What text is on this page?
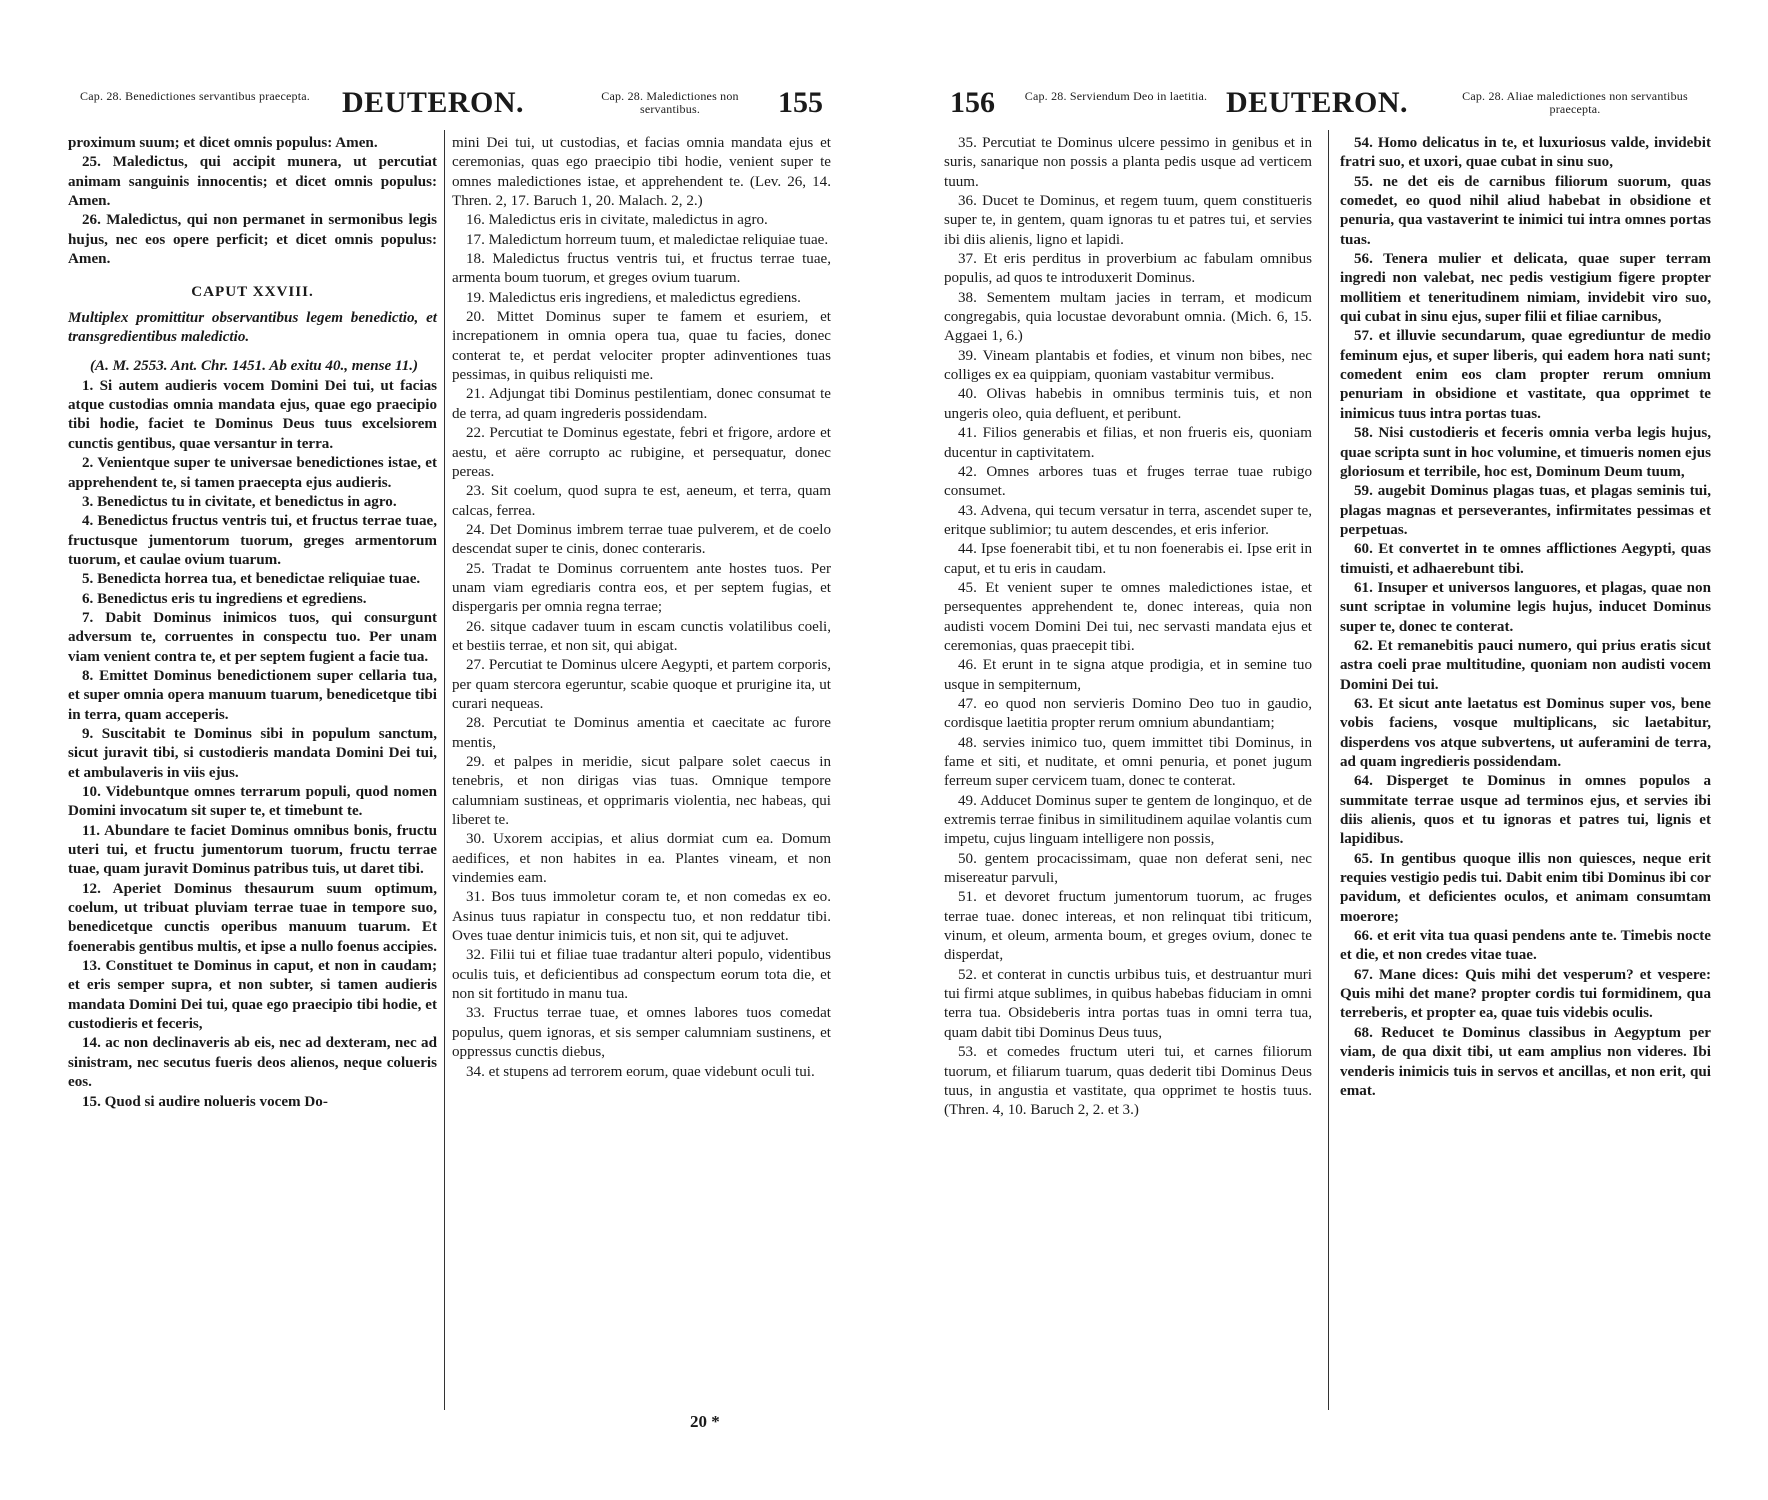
Cap. 28. Benedictiones servantibus praecepta. DEUTERON.	Cap. 28. Maledictiones non servantibus.	155

proximum suum; et dicet omnis populus: Amen.

25. Maledictus, qui accipit munera, ut percutiat animam sanguinis innocentis; et dicet omnis populus: Amen.

26. Maledictus, qui non permanet in sermonibus legis hujus, nec eos opere perficit; et dicet omnis populus: Amen.

CAPUT XXVIII.

Multiplex promittitur observantibus legem benedictio, et transgredientibus maledictio.

(A. M. 2553. Ant. Chr. 1451. Ab exitu 40., mense 11.)

1. Si autem audieris vocem Domini Dei tui, ut facias atque custodias omnia mandata ejus, quae ego praecipio tibi hodie, faciet te Dominus Deus tuus excelsiorem cunctis gentibus, quae versantur in terra.

2. Venientque super te universae benedictiones istae, et apprehendent te, si tamen praecepta ejus audieris.

3. Benedictus tu in civitate, et benedictus in agro.

4. Benedictus fructus ventris tui, et fructus terrae tuae, fructusque jumentorum tuorum, greges armentorum tuorum, et caulae ovium tuarum.

5. Benedicta horrea tua, et benedictae reliquiae tuae.

6. Benedictus eris tu ingrediens et egrediens.

7. Dabit Dominus inimicos tuos, qui consurgunt adversum te, corruentes in conspectu tuo. Per unam viam venient contra te, et per septem fugient a facie tua.

8. Emittet Dominus benedictionem super cellaria tua, et super omnia opera manuum tuarum, benedicetque tibi in terra, quam acceperis.

9. Suscitabit te Dominus sibi in populum sanctum, sicut juravit tibi, si custodieris mandata Domini Dei tui, et ambulaveris in viis ejus.

10. Videbuntque omnes terrarum populi, quod nomen Domini invocatum sit super te, et timebunt te.

11. Abundare te faciet Dominus omnibus bonis, fructu uteri tui, et fructu jumentorum tuorum, fructu terrae tuae, quam juravit Dominus patribus tuis, ut daret tibi.

12. Aperiet Dominus thesaurum suum optimum, coelum, ut tribuat pluviam terrae tuae in tempore suo, benedicetque cunctis operibus manuum tuarum. Et foenerabis gentibus multis, et ipse a nullo foenus accipies.

13. Constituet te Dominus in caput, et non in caudam; et eris semper supra, et non subter, si tamen audieris mandata Domini Dei tui, quae ego praecipio tibi hodie, et custodieris et feceris,

14. ac non declinaveris ab eis, nec ad dexteram, nec ad sinistram, nec secutus fueris deos alienos, neque colueris eos.

15. Quod si audire nolueris vocem Do-

mini Dei tui, ut custodias, et facias omnia mandata ejus et ceremonias, quas ego praecipio tibi hodie, venient super te omnes maledictiones istae, et apprehendent te. (Lev. 26, 14. Thren. 2, 17. Baruch 1, 20. Malach. 2, 2.)

16. Maledictus eris in civitate, maledictus in agro.

17. Maledictum horreum tuum, et maledictae reliquiae tuae.

18. Maledictus fructus ventris tui, et fructus terrae tuae, armenta boum tuorum, et greges ovium tuarum.

19. Maledictus eris ingrediens, et maledictus egrediens.

20. Mittet Dominus super te famem et esuriem, et increpationem in omnia opera tua, quae tu facies, donec conterat te, et perdat velociter propter adinventiones tuas pessimas, in quibus reliquisti me.

21. Adjungat tibi Dominus pestilentiam, donec consumat te de terra, ad quam ingrederis possidendam.

22. Percutiat te Dominus egestate, febri et frigore, ardore et aestu, et aëre corrupto ac rubigine, et persequatur, donec pereas.

23. Sit coelum, quod supra te est, aeneum, et terra, quam calcas, ferrea.

24. Det Dominus imbrem terrae tuae pulverem, et de coelo descendat super te cinis, donec conteraris.

25. Tradat te Dominus corruentem ante hostes tuos. Per unam viam egrediaris contra eos, et per septem fugias, et dispergaris per omnia regna terrae;

26. sitque cadaver tuum in escam cunctis volatilibus coeli, et bestiis terrae, et non sit, qui abigat.

27. Percutiat te Dominus ulcere Aegypti, et partem corporis, per quam stercora egeruntur, scabie quoque et prurigine ita, ut curari nequeas.

28. Percutiat te Dominus amentia et caecitate ac furore mentis,

29. et palpes in meridie, sicut palpare solet caecus in tenebris, et non dirigas vias tuas. Omnique tempore calumniam sustineas, et opprimaris violentia, nec habeas, qui liberet te.

30. Uxorem accipias, et alius dormiat cum ea. Domum aedifices, et non habites in ea. Plantes vineam, et non vindemies eam.

31. Bos tuus immoletur coram te, et non comedas ex eo. Asinus tuus rapiatur in conspectu tuo, et non reddatur tibi. Oves tuae dentur inimicis tuis, et non sit, qui te adjuvet.

32. Filii tui et filiae tuae tradantur alteri populo, videntibus oculis tuis, et deficientibus ad conspectum eorum tota die, et non sit fortitudo in manu tua.

33. Fructus terrae tuae, et omnes labores tuos comedat populus, quem ignoras, et sis semper calumniam sustinens, et oppressus cunctis diebus,

34. et stupens ad terrorem eorum, quae videbunt oculi tui.

20 *
156	Cap. 28. Serviendum Deo in laetitia. DEUTERON.	Cap. 28. Aliae maledictiones non servantibus praecepta.

35. Percutiat te Dominus ulcere pessimo in genibus et in suris, sanarique non possis a planta pedis usque ad verticem tuum.

36. Ducet te Dominus, et regem tuum, quem constitueris super te, in gentem, quam ignoras tu et patres tui, et servies ibi diis alienis, ligno et lapidi.

37. Et eris perditus in proverbium ac fabulam omnibus populis, ad quos te introduxerit Dominus.

38. Sementem multam jacies in terram, et modicum congregabis, quia locustae devorabunt omnia. (Mich. 6, 15. Aggaei 1, 6.)

39. Vineam plantabis et fodies, et vinum non bibes, nec colliges ex ea quippiam, quoniam vastabitur vermibus.

40. Olivas habebis in omnibus terminis tuis, et non ungeris oleo, quia defluent, et peribunt.

41. Filios generabis et filias, et non frueris eis, quoniam ducentur in captivitatem.

42. Omnes arbores tuas et fruges terrae tuae rubigo consumet.

43. Advena, qui tecum versatur in terra, ascendet super te, eritque sublimior; tu autem descendes, et eris inferior.

44. Ipse foenerabit tibi, et tu non foenerabis ei. Ipse erit in caput, et tu eris in caudam.

45. Et venient super te omnes maledictiones istae, et persequentes apprehendent te, donec intereas, quia non audisti vocem Domini Dei tui, nec servasti mandata ejus et ceremonias, quas praecepit tibi.

46. Et erunt in te signa atque prodigia, et in semine tuo usque in sempiternum,

47. eo quod non servieris Domino Deo tuo in gaudio, cordisque laetitia propter rerum omnium abundantiam;

48. servies inimico tuo, quem immittet tibi Dominus, in fame et siti, et nuditate, et omni penuria, et ponet jugum ferreum super cervicem tuam, donec te conterat.

49. Adducet Dominus super te gentem de longinquo, et de extremis terrae finibus in similitudinem aquilae volantis cum impetu, cujus linguam intelligere non possis,

50. gentem procacissimam, quae non deferat seni, nec misereatur parvuli,

51. et devoret fructum jumentorum tuorum, ac fruges terrae tuae. donec intereas, et non relinquat tibi triticum, vinum, et oleum, armenta boum, et greges ovium, donec te disperdat,

52. et conterat in cunctis urbibus tuis, et destruantur muri tui firmi atque sublimes, in quibus habebas fiduciam in omni terra tua. Obsideberis intra portas tuas in omni terra tua, quam dabit tibi Dominus Deus tuus,

53. et comedes fructum uteri tui, et carnes filiorum tuorum, et filiarum tuarum, quas dederit tibi Dominus Deus tuus, in angustia et vastitate, qua opprimet te hostis tuus. (Thren. 4, 10. Baruch 2, 2. et 3.)

54. Homo delicatus in te, et luxuriosus valde, invidebit fratri suo, et uxori, quae cubat in sinu suo,

55. ne det eis de carnibus filiorum suorum, quas comedet, eo quod nihil aliud habebat in obsidione et penuria, qua vastaverint te inimici tui intra omnes portas tuas.

56. Tenera mulier et delicata, quae super terram ingredi non valebat, nec pedis vestigium figere propter mollitiem et teneritudinem nimiam, invidebit viro suo, qui cubat in sinu ejus, super filii et filiae carnibus,

57. et illuvie secundarum, quae egrediuntur de medio feminum ejus, et super liberis, qui eadem hora nati sunt; comedent enim eos clam propter rerum omnium penuriam in obsidione et vastitate, qua opprimet te inimicus tuus intra portas tuas.

58. Nisi custodieris et feceris omnia verba legis hujus, quae scripta sunt in hoc volumine, et timueris nomen ejus gloriosum et terribile, hoc est, Dominum Deum tuum,

59. augebit Dominus plagas tuas, et plagas seminis tui, plagas magnas et perseverantes, infirmitates pessimas et perpetuas.

60. Et convertet in te omnes afflictiones Aegypti, quas timuisti, et adhaerebunt tibi.

61. Insuper et universos languores, et plagas, quae non sunt scriptae in volumine legis hujus, inducet Dominus super te, donec te conterat.

62. Et remanebitis pauci numero, qui prius eratis sicut astra coeli prae multitudine, quoniam non audisti vocem Domini Dei tui.

63. Et sicut ante laetatus est Dominus super vos, bene vobis faciens, vosque multiplicans, sic laetabitur, disperdens vos atque subvertens, ut auferamini de terra, ad quam ingredieris possidendam.

64. Disperget te Dominus in omnes populos a summitate terrae usque ad terminos ejus, et servies ibi diis alienis, quos et tu ignoras et patres tui, lignis et lapidibus.

65. In gentibus quoque illis non quiesces, neque erit requies vestigio pedis tui. Dabit enim tibi Dominus ibi cor pavidum, et deficientes oculos, et animam consumtam moerore;

66. et erit vita tua quasi pendens ante te. Timebis nocte et die, et non credes vitae tuae.

67. Mane dices: Quis mihi det vesperum? et vespere: Quis mihi det mane? propter cordis tui formidinem, qua terreberis, et propter ea, quae tuis videbis oculis.

68. Reducet te Dominus classibus in Aegyptum per viam, de qua dixit tibi, ut eam amplius non videres. Ibi venderis inimicis tuis in servos et ancillas, et non erit, qui emat.
